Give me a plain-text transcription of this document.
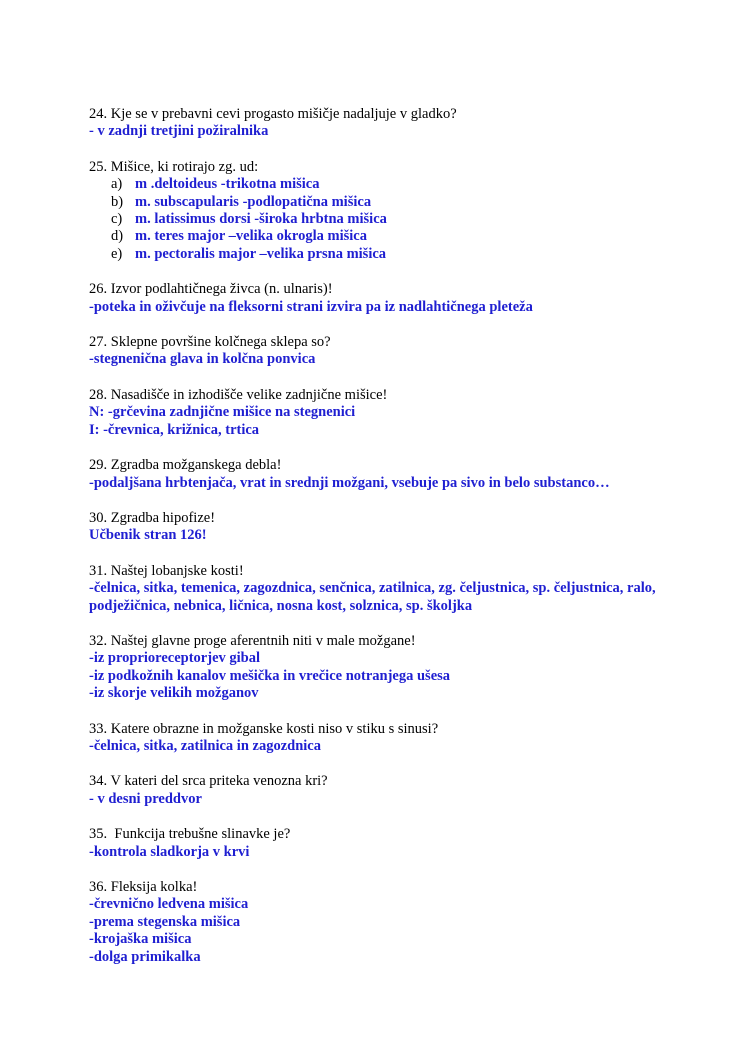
24. Kje se v prebavni cevi progasto mišičje nadaljuje v gladko?
- v zadnji tretjini požiralnika
25. Mišice, ki rotirajo zg. ud:
a) m .deltoideus -trikotna mišica
b) m. subscapularis -podlopatična mišica
c) m. latissimus dorsi -široka hrbtna mišica
d) m. teres major –velika okrogla mišica
e) m. pectoralis major –velika prsna mišica
26. Izvor podlahtičnega živca (n. ulnaris)!
-poteka in oživčuje na fleksorni strani izvira pa iz nadlahtičnega pleteža
27. Sklepne površine kolčnega sklepa so?
-stegnenična glava in kolčna ponvica
28. Nasadišče in izhodišče velike zadnjične mišice!
N: -grčevina zadnjične mišice na stegnenici
I: -črevnica, križnica, trtica
29. Zgradba možganskega debla!
-podaljšana hrbtenjača, vrat in srednji možgani, vsebuje pa sivo in belo substanco…
30. Zgradba hipofize!
Učbenik stran 126!
31. Naštej lobanjske kosti!
-čelnica, sitka, temenica, zagozdnica, senčnica, zatilnica, zg. čeljustnica, sp. čeljustnica, ralo, podježičnica, nebnica, ličnica, nosna kost, solznica, sp. školjka
32. Naštej glavne proge aferentnih niti v male možgane!
-iz proprioreceptorjev gibal
-iz podkožnih kanalov mešička in vrečice notranjega ušesa
-iz skorje velikih možganov
33. Katere obrazne in možganske kosti niso v stiku s sinusi?
-čelnica, sitka, zatilnica in zagozdnica
34. V kateri del srca priteka venozna kri?
- v desni preddvor
35.  Funkcija trebušne slinavke je?
-kontrola sladkorja v krvi
36. Fleksija kolka!
-črevnično ledvena mišica
-prema stegenska mišica
-krojaška mišica
-dolga primikalka
